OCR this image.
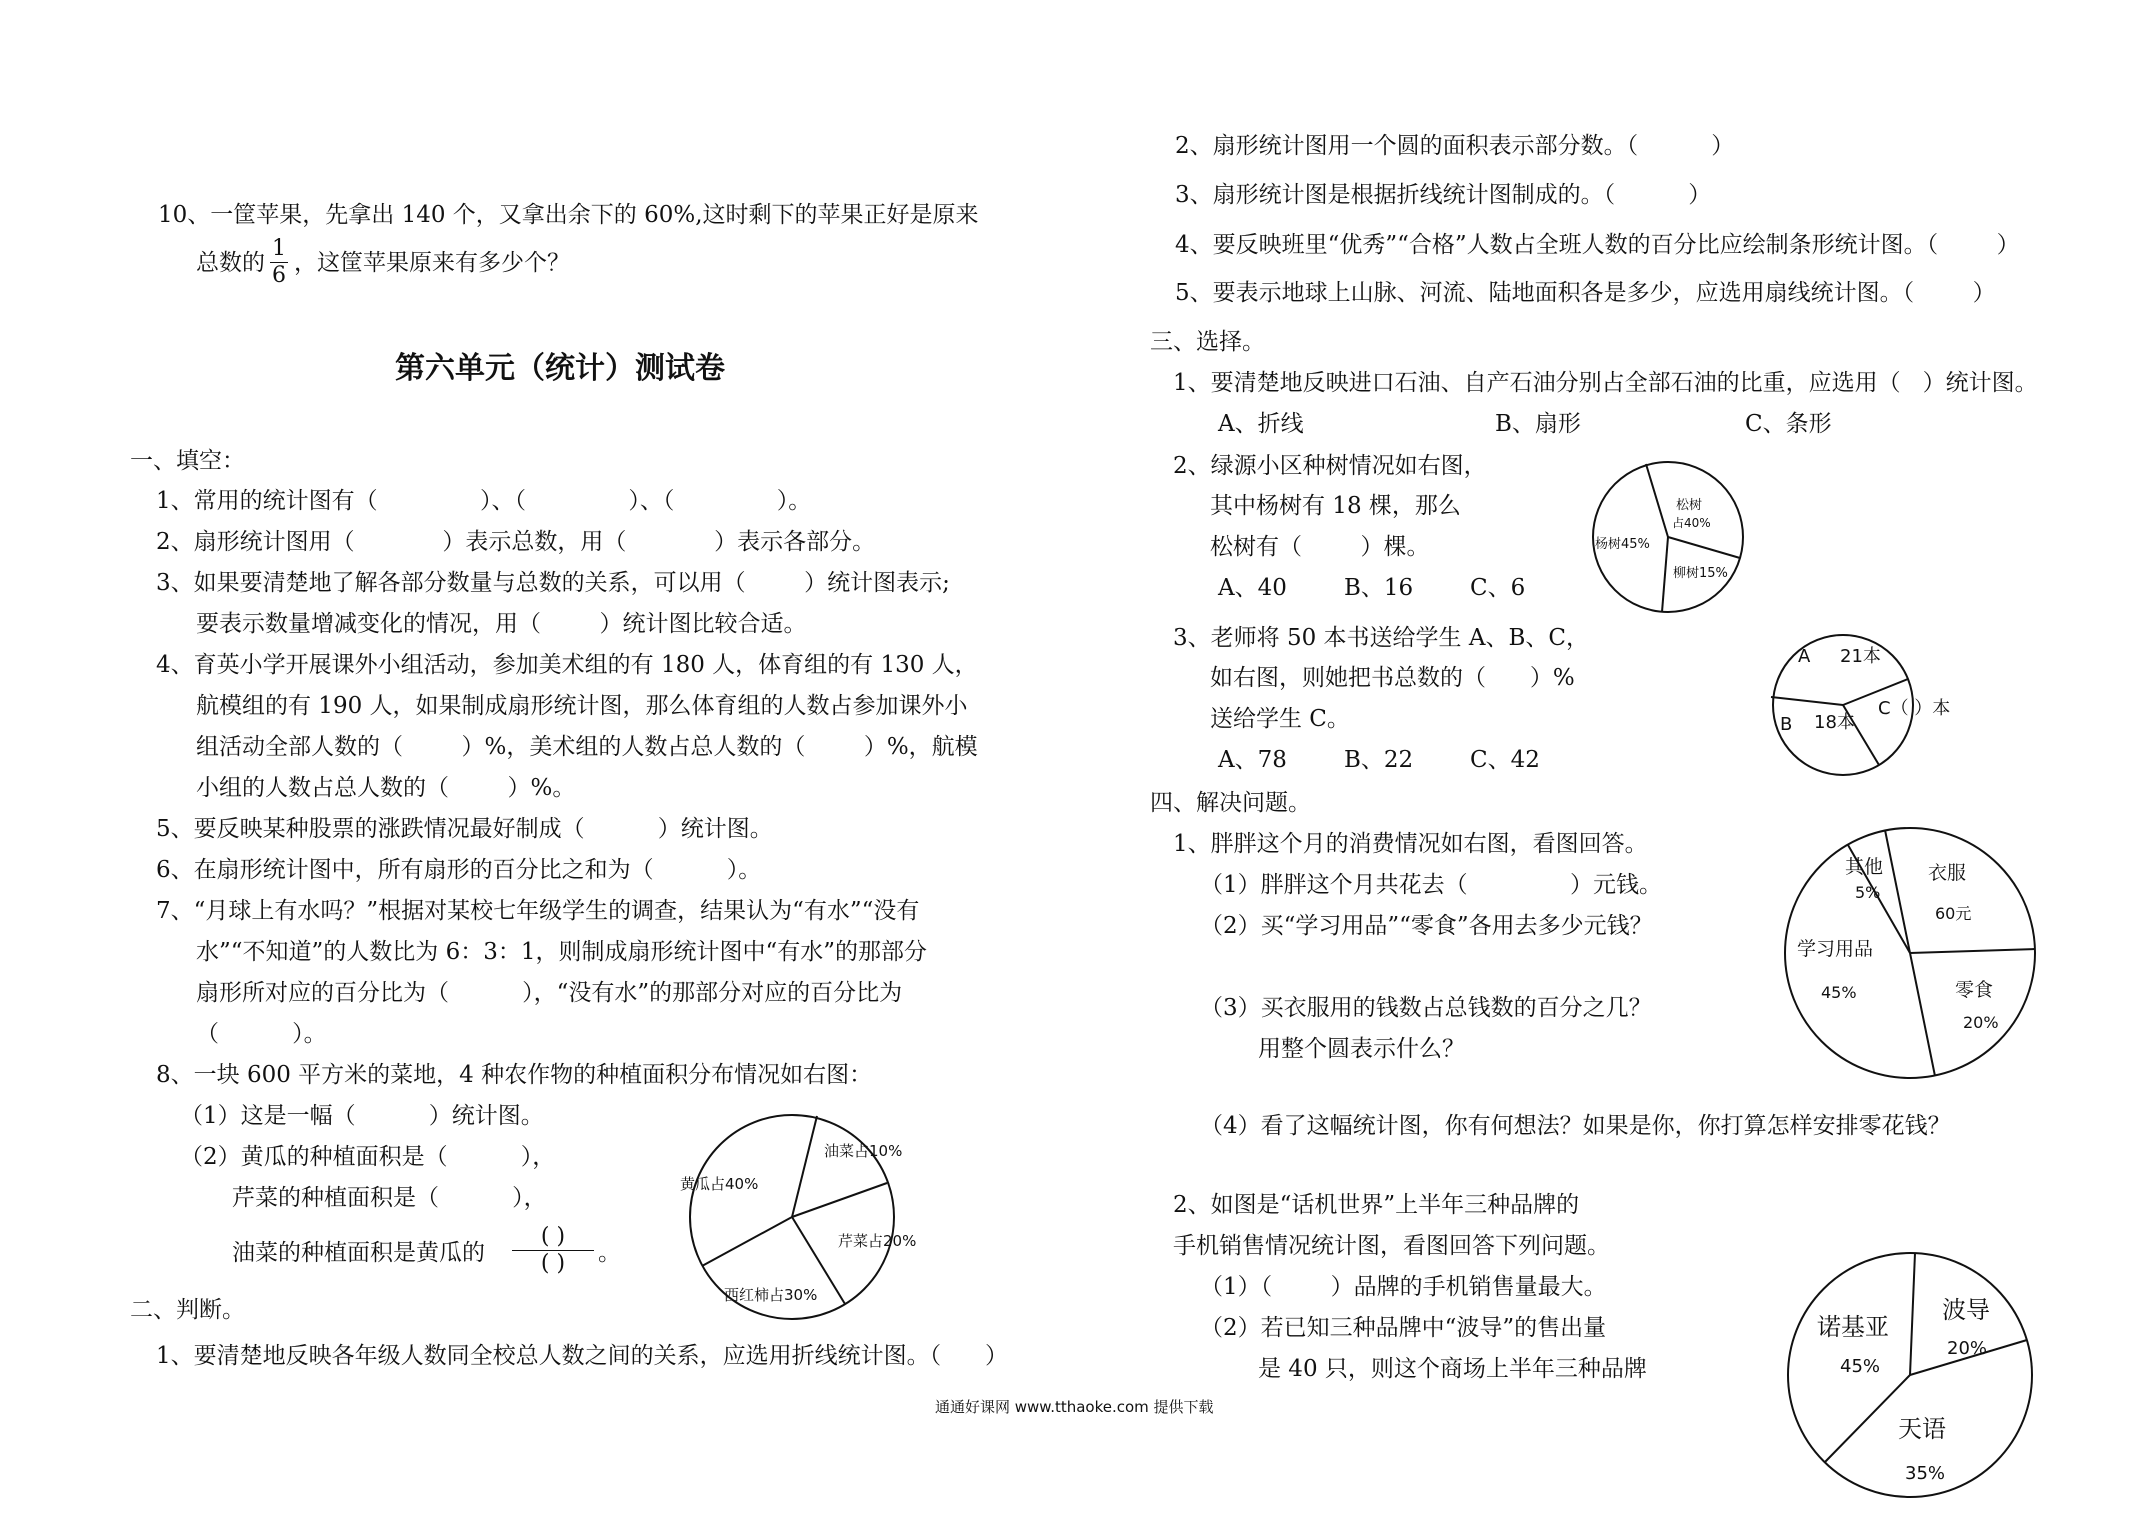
10、一筐苹果，先拿出 140 个，又拿出余下的 60%,这时剩下的苹果正好是原来
总数的 $\frac{1}{6}$ ，这筐苹果原来有多少个？
第六单元（统计）测试卷
一、填空：
1、常用的统计图有（              ）、（              ）、（              ）。
2、扇形统计图用（            ）表示总数，用（            ）表示各部分。
3、如果要清楚地了解各部分数量与总数的关系，可以用（        ）统计图表示;
要表示数量增减变化的情况，用（        ）统计图比较合适。
4、育英小学开展课外小组活动，参加美术组的有 180 人，体育组的有 130 人，
航模组的有 190 人，如果制成扇形统计图，那么体育组的人数占参加课外小
组活动全部人数的（        ）%，美术组的人数占总人数的（        ）%，航模
小组的人数占总人数的（        ）%。
5、要反映某种股票的涨跌情况最好制成（          ）统计图。
6、在扇形统计图中，所有扇形的百分比之和为（          ）。
7、“月球上有水吗？”根据对某校七年级学生的调查，结果认为“有水”“没有
水”“不知道”的人数比为 6：3：1，则制成扇形统计图中“有水”的那部分
扇形所对应的百分比为（          ），“没有水”的那部分对应的百分比为
（          ）。
8、一块 600 平方米的菜地，4 种农作物的种植面积分布情况如右图：
（1）这是一幅（          ）统计图。
（2）黄瓜的种植面积是（          ），
芹菜的种植面积是（          ），
油菜的种植面积是黄瓜的
( )
( )	。
黄瓜占40%
油菜占10%
芹菜占20%
西红柿占30%
二、判断。
1、要清楚地反映各年级人数同全校总人数之间的关系，应选用折线统计图。（      ）
2、扇形统计图用一个圆的面积表示部分数。（          ）
3、扇形统计图是根据折线统计图制成的。（          ）
4、要反映班里“优秀”“合格”人数占全班人数的百分比应绘制条形统计图。（        ）
5、要表示地球上山脉、河流、陆地面积各是多少，应选用扇线统计图。（        ）
三、选择。
1、要清楚地反映进口石油、自产石油分别占全部石油的比重，应选用（   ）统计图。
A、折线	B、扇形	C、条形
2、绿源小区种树情况如右图，
其中杨树有 18 棵，那么
松树有（        ）棵。
A、40 B、16 C、6
松树
占40%
杨树45%
柳树15%
3、老师将 50 本书送给学生 A、B、C，
如右图，则她把书总数的（      ）%
送给学生 C。
A、78 B、22 C、42
A 21本
B 18本
C（ ）本
四、解决问题。
1、胖胖这个月的消费情况如右图，看图回答。
（1）胖胖这个月共花去（              ）元钱。
（2）买“学习用品”“零食”各用去多少元钱？
（3）买衣服用的钱数占总钱数的百分之几？
用整个圆表示什么？
（4）看了这幅统计图，你有何想法？如果是你，你打算怎样安排零花钱？
其他
5%
衣服
60元
学习用品
45%	零食
20%
2、如图是“话机世界”上半年三种品牌的
手机销售情况统计图，看图回答下列问题。
（1）（        ）品牌的手机销售量最大。
（2）若已知三种品牌中“波导”的售出量
是 40 只，则这个商场上半年三种品牌
诺基亚
45%
波导
20%
天语
35%
通通好课网 www.tthaoke.com 提供下载
